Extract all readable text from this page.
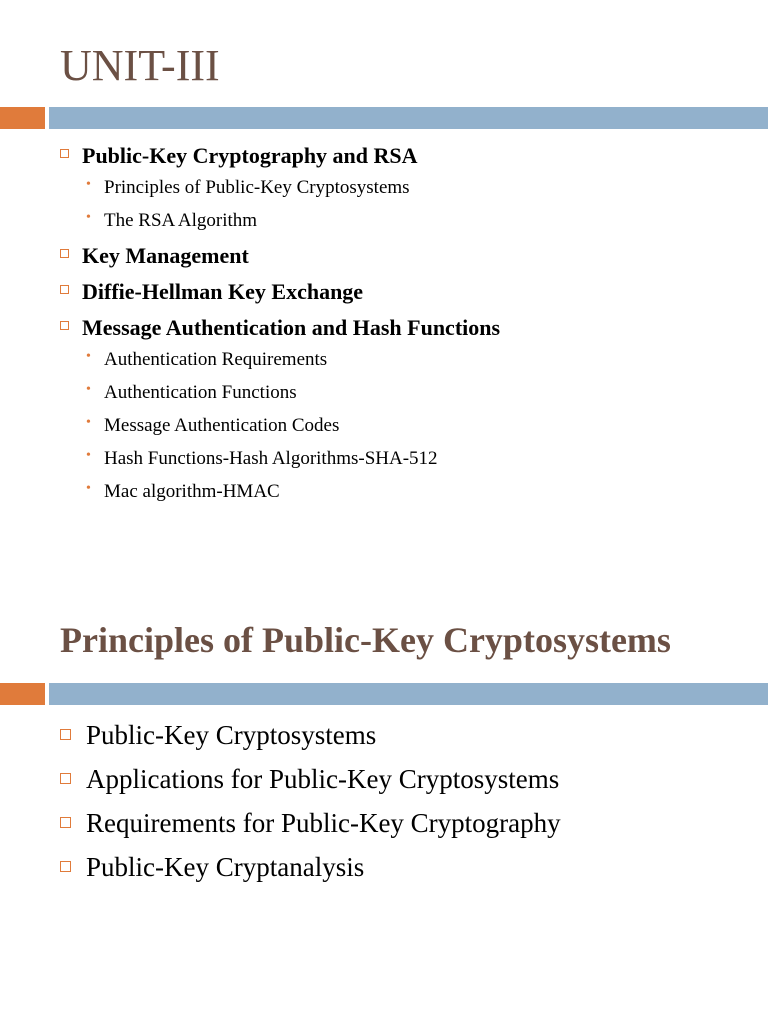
UNIT-III
Public-Key Cryptography and RSA
• Principles of Public-Key Cryptosystems
• The RSA Algorithm
Key Management
Diffie-Hellman Key Exchange
Message Authentication and Hash Functions
• Authentication Requirements
• Authentication Functions
• Message Authentication Codes
• Hash Functions-Hash Algorithms-SHA-512
• Mac algorithm-HMAC
Principles of Public-Key Cryptosystems
Public-Key Cryptosystems
Applications for Public-Key Cryptosystems
Requirements for Public-Key Cryptography
Public-Key Cryptanalysis
